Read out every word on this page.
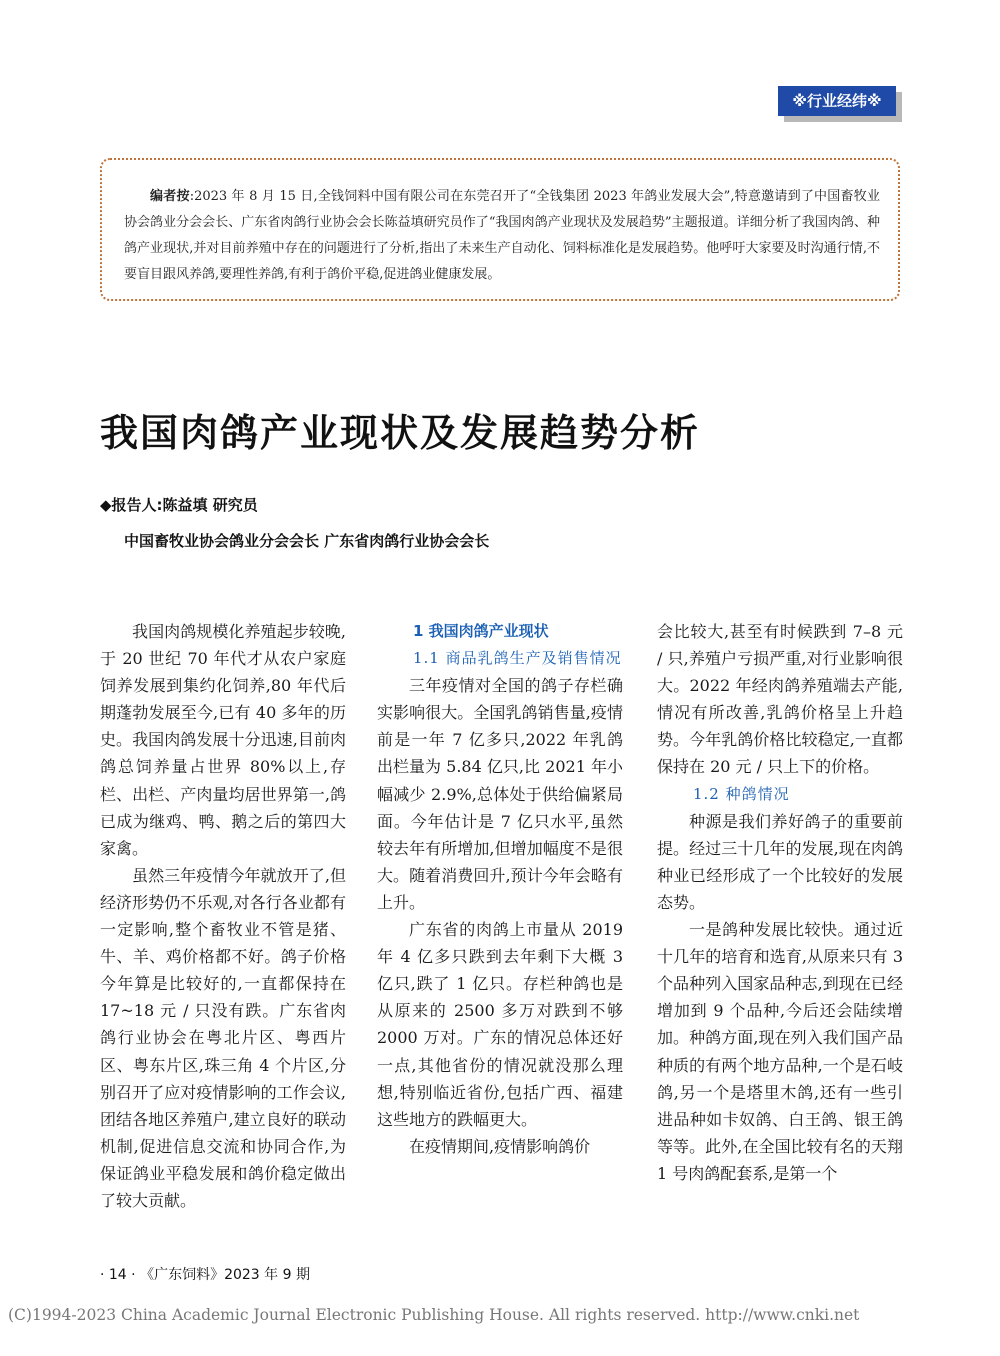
※行业经纬※

编者按:2023 年 8 月 15 日,全钱饲料中国有限公司在东莞召开了“全钱集团 2023 年鸽业发展大会”,特意邀请到了中国畜牧业协会鸽业分会会长、广东省肉鸽行业协会会长陈益填研究员作了“我国肉鸽产业现状及发展趋势”主题报道。详细分析了我国肉鸽、种鸽产业现状,并对目前养殖中存在的问题进行了分析,指出了未来生产自动化、饲料标准化是发展趋势。他呼吁大家要及时沟通行情,不要盲目跟风养鸽,要理性养鸽,有利于鸽价平稳,促进鸽业健康发展。

我国肉鸽产业现状及发展趋势分析
◆报告人:陈益填 研究员
中国畜牧业协会鸽业分会会长 广东省肉鸽行业协会会长

我国肉鸽规模化养殖起步较晚,于 20 世纪 70 年代才从农户家庭饲养发展到集约化饲养,80 年代后期蓬勃发展至今,已有 40 多年的历史。我国肉鸽发展十分迅速,目前肉鸽总饲养量占世界 80%以上,存栏、出栏、产肉量均居世界第一,鸽已成为继鸡、鸭、鹅之后的第四大家禽。

虽然三年疫情今年就放开了,但经济形势仍不乐观,对各行各业都有一定影响,整个畜牧业不管是猪、牛、羊、鸡价格都不好。鸽子价格今年算是比较好的,一直都保持在 17~18 元 / 只没有跌。广东省肉鸽行业协会在粤北片区、粤西片区、粤东片区,珠三角 4 个片区,分别召开了应对疫情影响的工作会议,团结各地区养殖户,建立良好的联动机制,促进信息交流和协同合作,为保证鸽业平稳发展和鸽价稳定做出了较大贡献。

1 我国肉鸽产业现状
1.1 商品乳鸽生产及销售情况

三年疫情对全国的鸽子存栏确实影响很大。全国乳鸽销售量,疫情前是一年 7 亿多只,2022 年乳鸽出栏量为 5.84 亿只,比 2021 年小幅减少 2.9%,总体处于供给偏紧局面。今年估计是 7 亿只水平,虽然较去年有所增加,但增加幅度不是很大。随着消费回升,预计今年会略有上升。

广东省的肉鸽上市量从 2019 年 4 亿多只跌到去年剩下大概 3 亿只,跌了 1 亿只。存栏种鸽也是从原来的 2500 多万对跌到不够 2000 万对。广东的情况总体还好一点,其他省份的情况就没那么理想,特别临近省份,包括广西、福建这些地方的跌幅更大。

在疫情期间,疫情影响鸽价

会比较大,甚至有时候跌到 7–8 元 / 只,养殖户亏损严重,对行业影响很大。2022 年经肉鸽养殖端去产能,情况有所改善,乳鸽价格呈上升趋势。今年乳鸽价格比较稳定,一直都保持在 20 元 / 只上下的价格。

1.2 种鸽情况

种源是我们养好鸽子的重要前提。经过三十几年的发展,现在肉鸽种业已经形成了一个比较好的发展态势。

一是鸽种发展比较快。通过近十几年的培育和选育,从原来只有 3 个品种列入国家品种志,到现在已经增加到 9 个品种,今后还会陆续增加。种鸽方面,现在列入我们国产品种质的有两个地方品种,一个是石岐鸽,另一个是塔里木鸽,还有一些引进品种如卡奴鸽、白王鸽、银王鸽等等。此外,在全国比较有名的天翔 1 号肉鸽配套系,是第一个

· 14 · 《广东饲料》2023 年 9 期
(C)1994-2023 China Academic Journal Electronic Publishing House. All rights reserved. http://www.cnki.net
